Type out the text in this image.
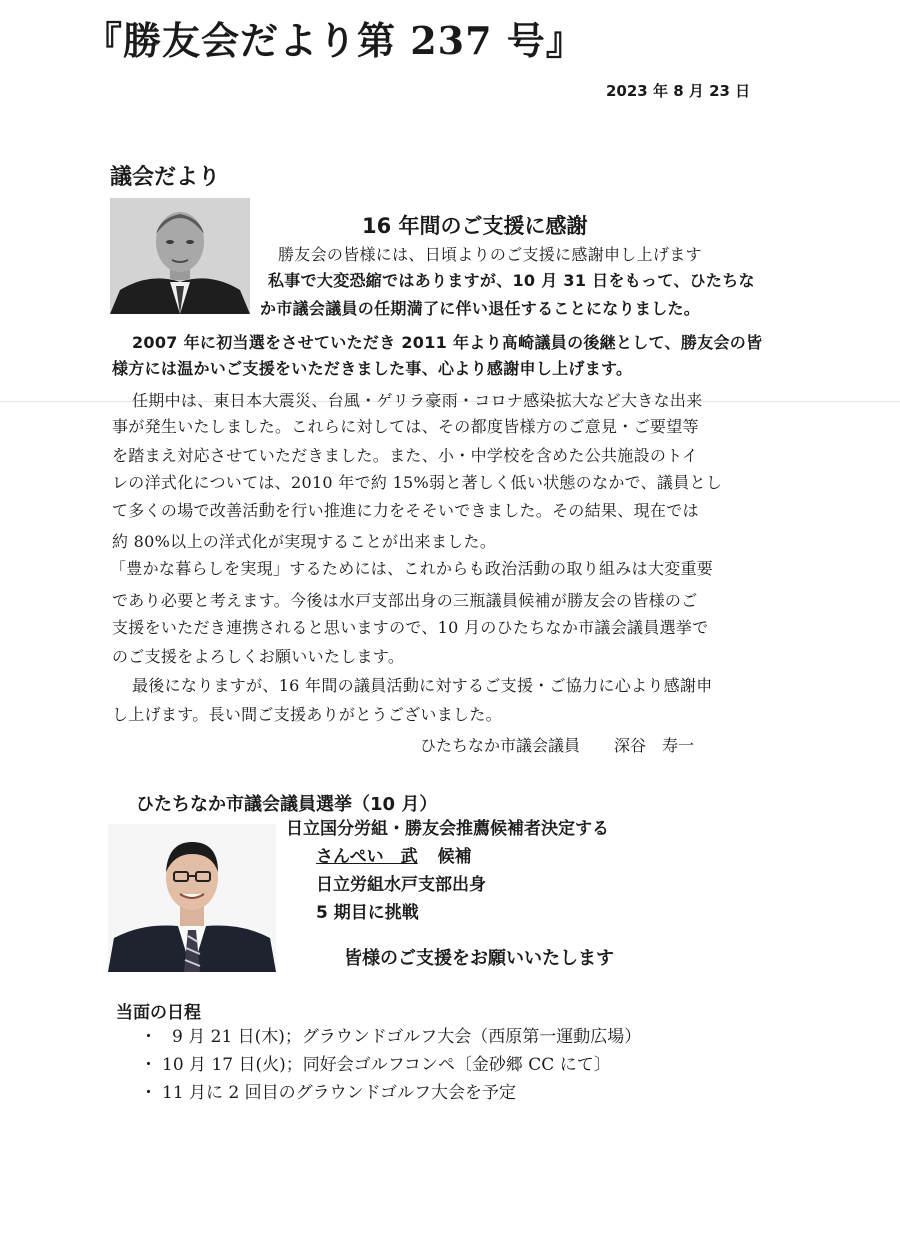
『勝友会だより第 237 号』
2023 年 8 月 23 日
議会だより
16 年間のご支援に感謝

勝友会の皆様には、日頃よりのご支援に感謝申し上げます

私事で大変恐縮ではありますが、10 月 31 日をもって、ひたちな

か市議会議員の任期満了に伴い退任することになりました。

2007 年に初当選をさせていただき 2011 年より髙崎議員の後継として、勝友会の皆

様方には温かいご支援をいただきました事、心より感謝申し上げます。

任期中は、東日本大震災、台風・ゲリラ豪雨・コロナ感染拡大など大きな出来

事が発生いたしました。これらに対しては、その都度皆様方のご意見・ご要望等

を踏まえ対応させていただきました。また、小・中学校を含めた公共施設のトイ

レの洋式化については、2010 年で約 15%弱と著しく低い状態のなかで、議員とし

て多くの場で改善活動を行い推進に力をそそいできました。その結果、現在では

約 80%以上の洋式化が実現することが出来ました。

「豊かな暮らしを実現」するためには、これからも政治活動の取り組みは大変重要

であり必要と考えます。今後は水戸支部出身の三瓶議員候補が勝友会の皆様のご

支援をいただき連携されると思いますので、10 月のひたちなか市議会議員選挙で

のご支援をよろしくお願いいたします。

最後になりますが、16 年間の議員活動に対するご支援・ご協力に心より感謝申

し上げます。長い間ご支援ありがとうございました。

ひたちなか市議会議員 深谷　寿一
ひたちなか市議会議員選挙（10 月）

日立国分労組・勝友会推薦候補者決定する

さんぺい　武 候補

日立労組水戸支部出身

5 期目に挑戦

皆様のご支援をお願いいたします

当面の日程
・ 9 月 21 日(木)；グラウンドゴルフ大会（西原第一運動広場）
・ 10 月 17 日(火)；同好会ゴルフコンペ〔金砂郷 CC にて〕
・ 11 月に 2 回目のグラウンドゴルフ大会を予定
